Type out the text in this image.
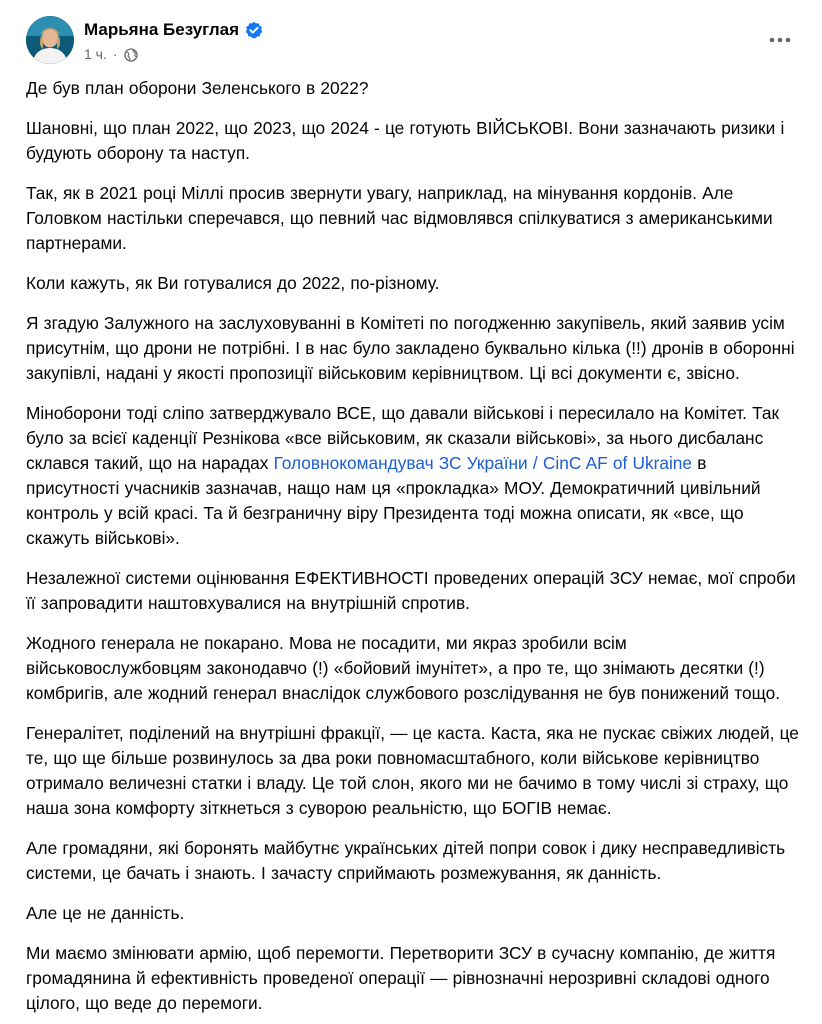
Марьяна Безуглая
1 ч. ·

Де був план оборони Зеленського в 2022?

Шановні, що план 2022, що 2023, що 2024 - це готують ВІЙСЬКОВІ. Вони зазначають ризики і будують оборону та наступ.

Так, як в 2021 році Міллі просив звернути увагу, наприклад, на мінування кордонів. Але Головком настільки сперечався, що певний час відмовлявся спілкуватися з американськими партнерами.

Коли кажуть, як Ви готувалися до 2022, по-різному.

Я згадую Залужного на заслуховуванні в Комітеті по погодженню закупівель, який заявив усім присутнім, що дрони не потрібні. І в нас було закладено буквально кілька (!!) дронів в оборонні закупівлі, надані у якості пропозиції військовим керівництвом. Ці всі документи є, звісно.

Міноборони тоді сліпо затверджувало ВСЕ, що давали військові і пересилало на Комітет. Так було за всієї каденції Резнікова «все військовим, як сказали військові», за нього дисбаланс склався такий, що на нарадах Головнокомандувач ЗС України / CinC AF of Ukraine в присутності учасників зазначав, нащо нам ця «прокладка» МОУ. Демократичний цивільний контроль у всій красі. Та й безграничну віру Президента тоді можна описати, як «все, що скажуть військові».

Незалежної системи оцінювання ЕФЕКТИВНОСТІ проведених операцій ЗСУ немає, мої спроби її запровадити наштовхувалися на внутрішній спротив.

Жодного генерала не покарано. Мова не посадити, ми якраз зробили всім військовослужбовцям законодавчо (!) «бойовий імунітет», а про те, що знімають десятки (!) комбригів, але жодний генерал внаслідок службового розслідування не був понижений тощо.

Генералітет, поділений на внутрішні фракції, — це каста. Каста, яка не пускає свіжих людей, це те, що ще більше розвинулось за два роки повномасштабного, коли військове керівництво отримало величезні статки і владу. Це той слон, якого ми не бачимо в тому числі зі страху, що наша зона комфорту зіткнеться з суворою реальністю, що БОГІВ немає.

Але громадяни, які боронять майбутнє українських дітей попри совок і дику несправедливість системи, це бачать і знають. І зачасту сприймають розмежування, як данність.

Але це не данність.

Ми маємо змінювати армію, щоб перемогти. Перетворити ЗСУ в сучасну компанію, де життя громадянина й ефективність проведеної операції — рівнозначні нерозривні складові одного цілого, що веде до перемоги.
